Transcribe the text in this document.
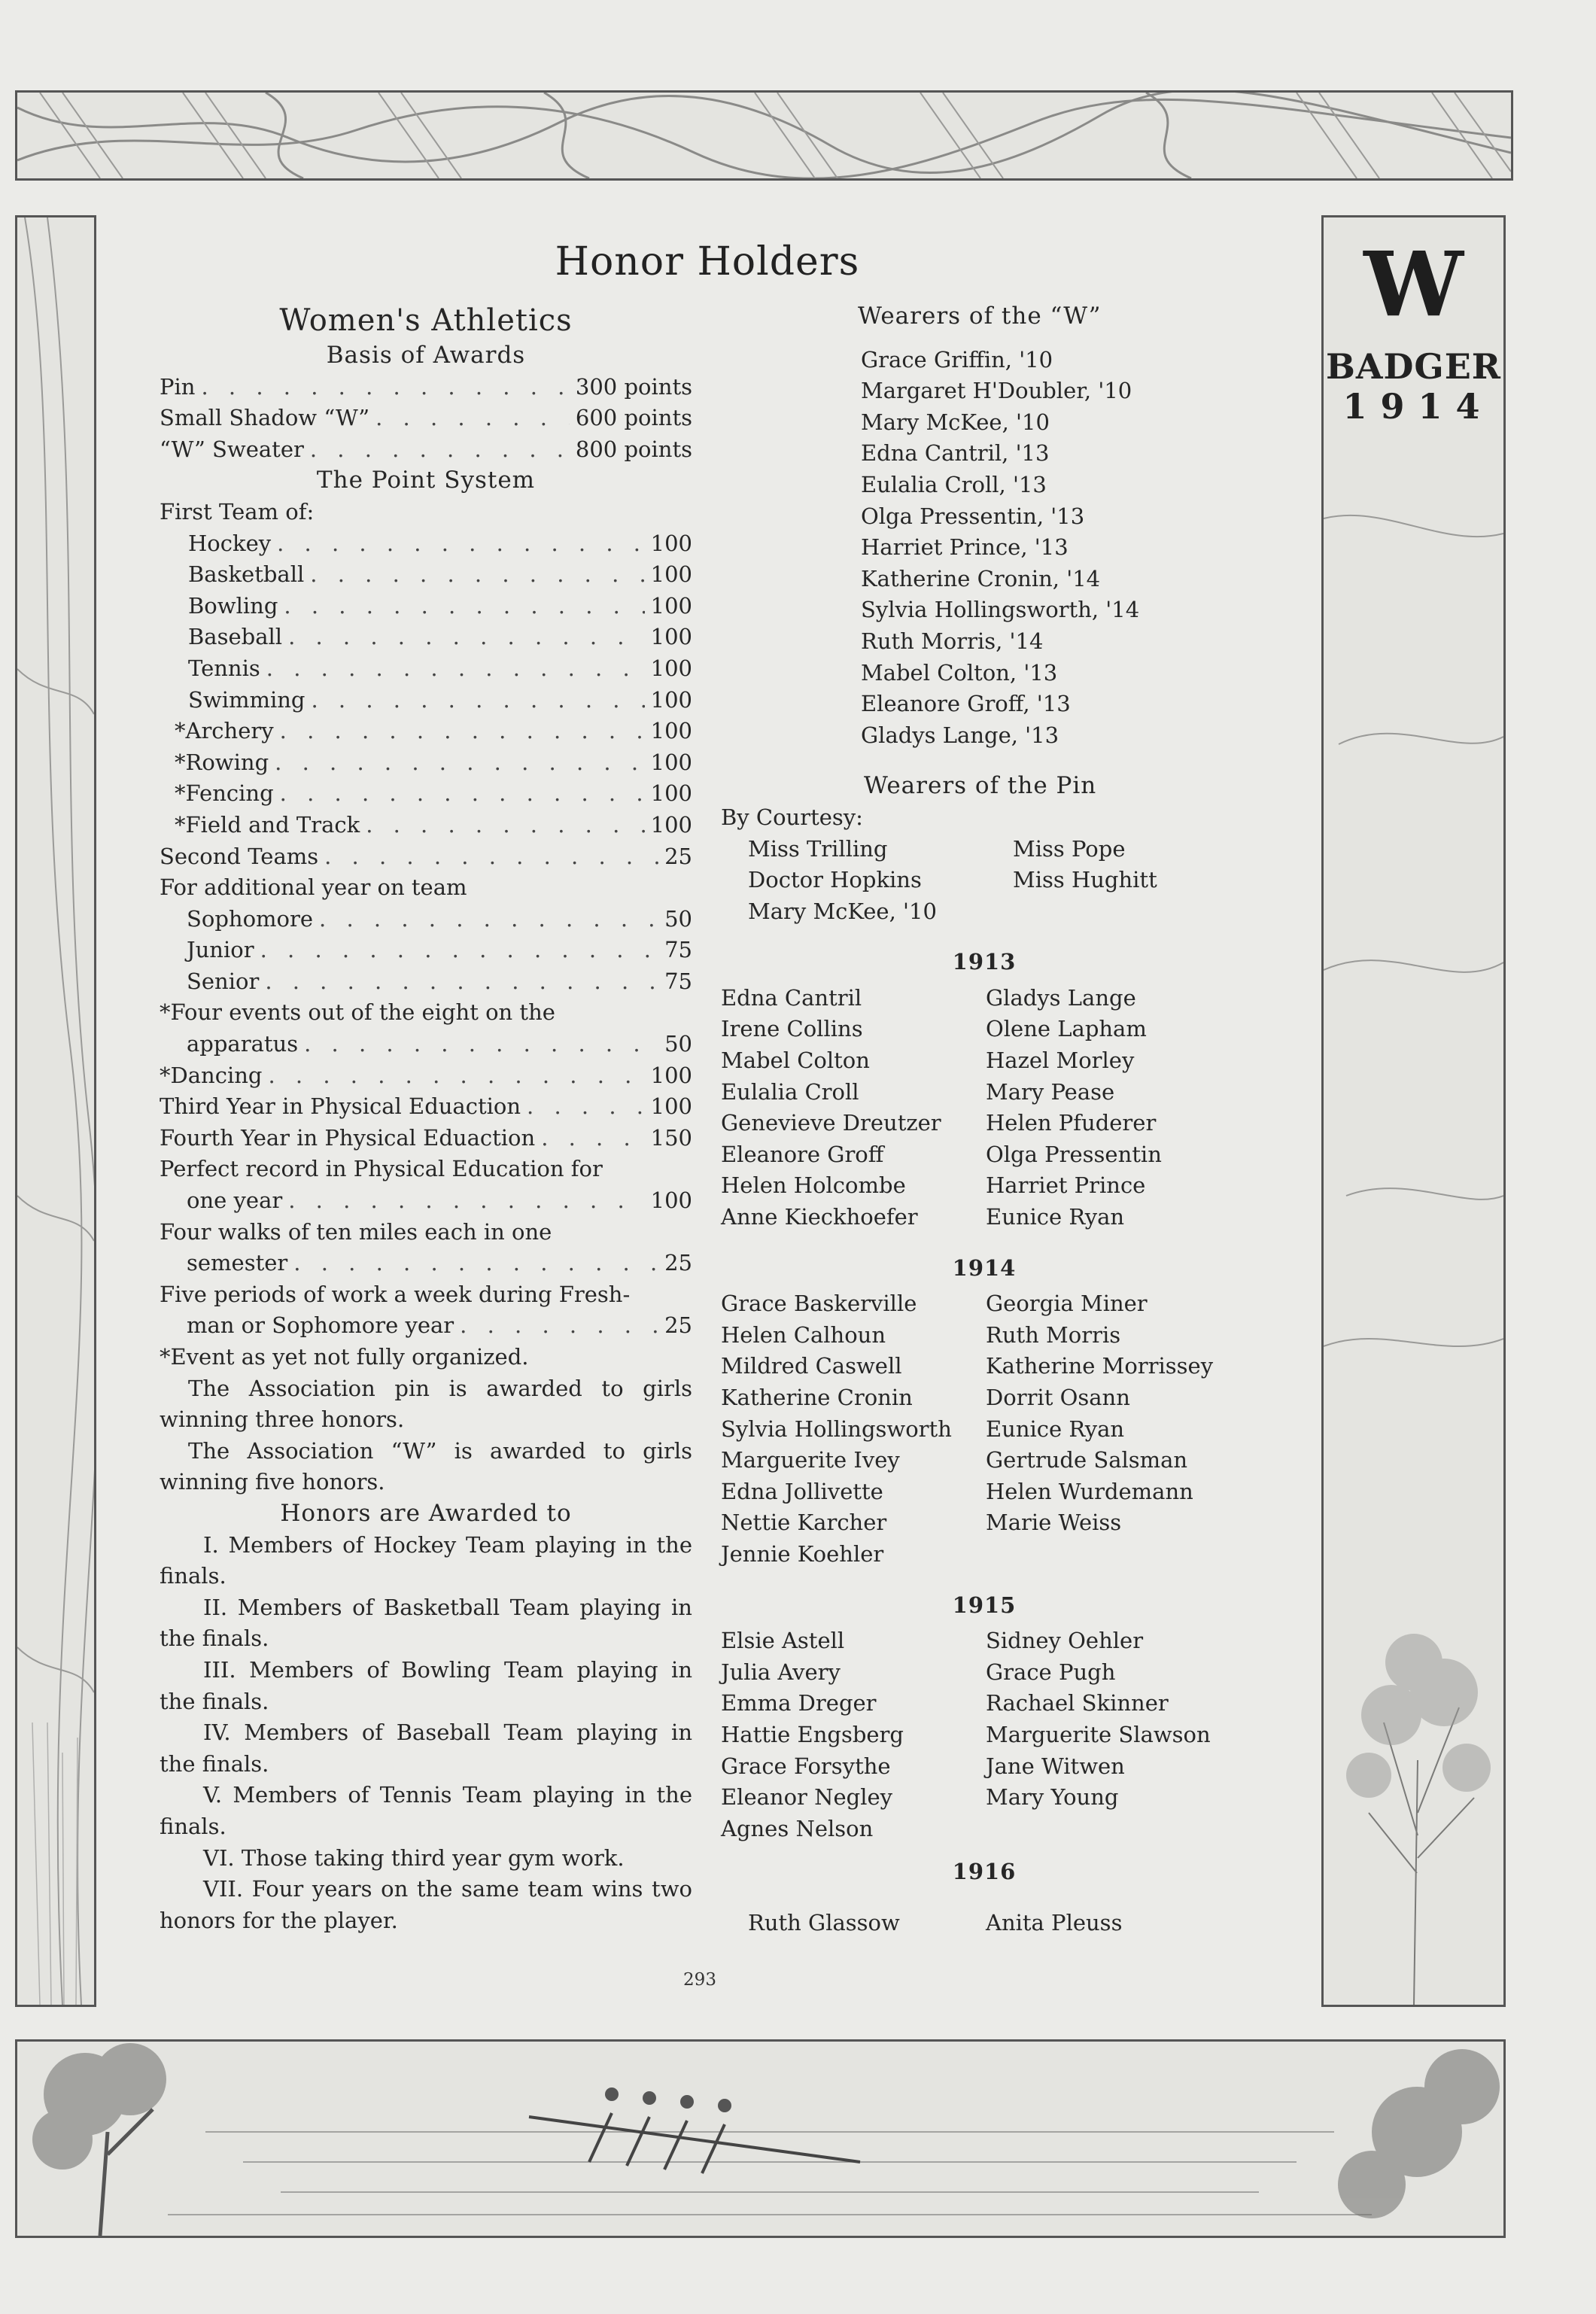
W
BADGER
1914
Honor Holders
Women's Athletics
Basis of Awards
Pin . . .	300 points
Small Shadow “W” . . .	600 points
“W” Sweater . . .	800 points
The Point System
First Team of:
Hockey . . .	100
Basketball . . .	100
Bowling . . .	100
Baseball . . .	100
Tennis . . .	100
Swimming . . .	100
*Archery . . .	100
*Rowing . . .	100
*Fencing . . .	100
*Field and Track . . .	100
Second Teams . . .	25
For additional year on team
Sophomore . . .	50
Junior . . .	75
Senior . . .	75
*Four events out of the eight on the
apparatus . . .	50
*Dancing . . .	100
Third Year in Physical Eduaction . . .	100
Fourth Year in Physical Eduaction . . .	150
Perfect record in Physical Education for
one year . . .	100
Four walks of ten miles each in one
semester . . .	25
Five periods of work a week during Fresh-
man or Sophomore year . . .	25
*Event as yet not fully organized.
The Association pin is awarded to girls winning three honors.
The Association “W” is awarded to girls winning five honors.
Honors are Awarded to
I. Members of Hockey Team playing in the finals.
II. Members of Basketball Team playing in the finals.
III. Members of Bowling Team playing in the finals.
IV. Members of Baseball Team playing in the finals.
V. Members of Tennis Team playing in the finals.
VI. Those taking third year gym work.
VII. Four years on the same team wins two honors for the player.
Wearers of the “W”
Grace Griffin, '10
Margaret H'Doubler, '10
Mary McKee, '10
Edna Cantril, '13
Eulalia Croll, '13
Olga Pressentin, '13
Harriet Prince, '13
Katherine Cronin, '14
Sylvia Hollingsworth, '14
Ruth Morris, '14
Mabel Colton, '13
Eleanore Groff, '13
Gladys Lange, '13
Wearers of the Pin
By Courtesy:
Miss Trilling	Miss Pope
Doctor Hopkins	Miss Hughitt
Mary McKee, '10
1913
Edna Cantril	Gladys Lange
Irene Collins	Olene Lapham
Mabel Colton	Hazel Morley
Eulalia Croll	Mary Pease
Genevieve Dreutzer	Helen Pfuderer
Eleanore Groff	Olga Pressentin
Helen Holcombe	Harriet Prince
Anne Kieckhoefer	Eunice Ryan
1914
Grace Baskerville	Georgia Miner
Helen Calhoun	Ruth Morris
Mildred Caswell	Katherine Morrissey
Katherine Cronin	Dorrit Osann
Sylvia Hollingsworth	Eunice Ryan
Marguerite Ivey	Gertrude Salsman
Edna Jollivette	Helen Wurdemann
Nettie Karcher	Marie Weiss
Jennie Koehler
1915
Elsie Astell	Sidney Oehler
Julia Avery	Grace Pugh
Emma Dreger	Rachael Skinner
Hattie Engsberg	Marguerite Slawson
Grace Forsythe	Jane Witwen
Eleanor Negley	Mary Young
Agnes Nelson
1916
Ruth Glassow	Anita Pleuss
293
